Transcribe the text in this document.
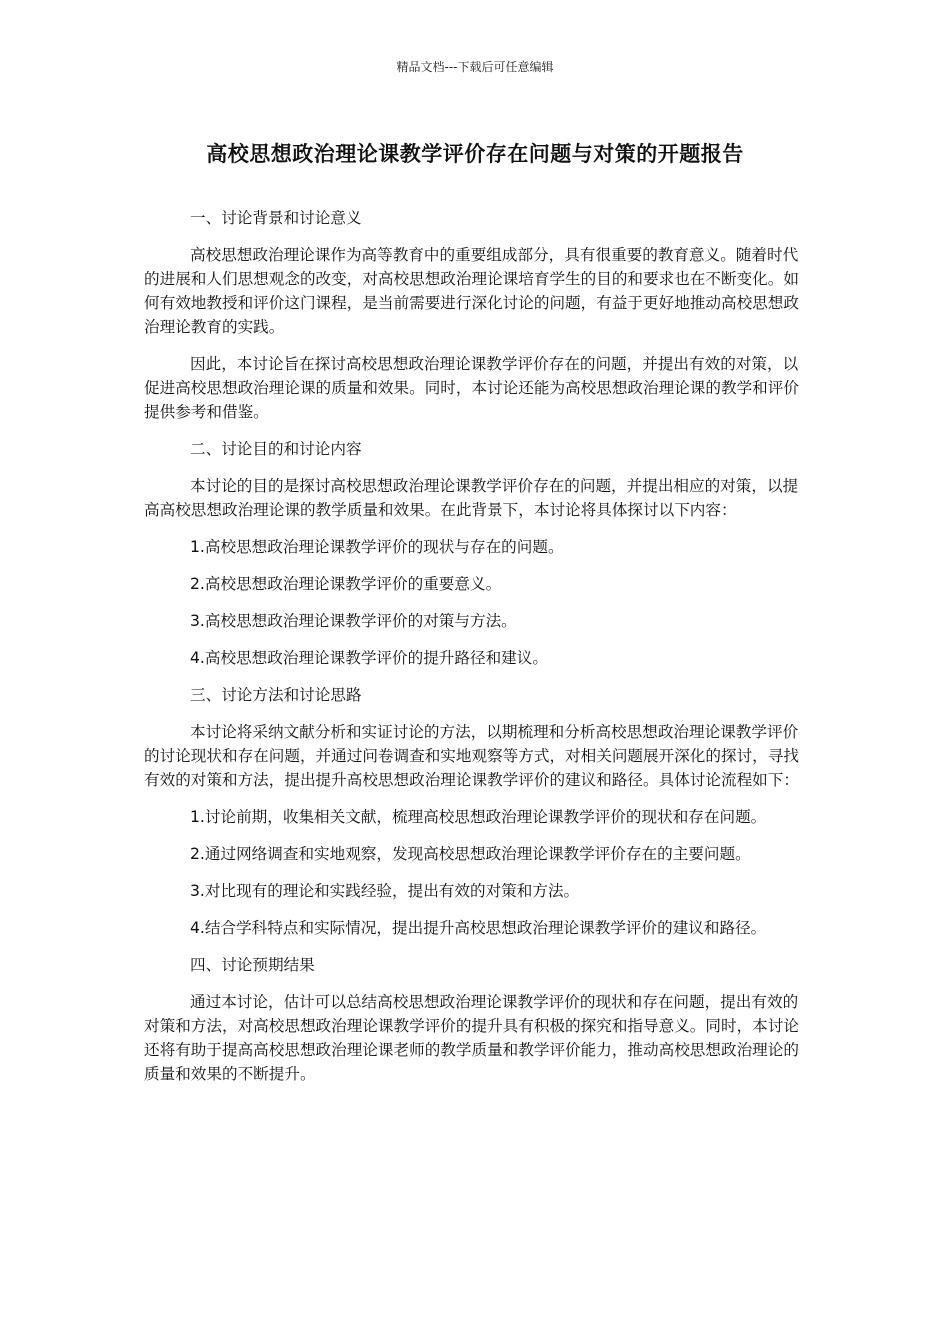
精品文档---下载后可任意编辑
高校思想政治理论课教学评价存在问题与对策的开题报告

一、讨论背景和讨论意义

高校思想政治理论课作为高等教育中的重要组成部分，具有很重要的教育意义。随着时代的进展和人们思想观念的改变，对高校思想政治理论课培育学生的目的和要求也在不断变化。如何有效地教授和评价这门课程，是当前需要进行深化讨论的问题，有益于更好地推动高校思想政治理论教育的实践。

因此，本讨论旨在探讨高校思想政治理论课教学评价存在的问题，并提出有效的对策，以促进高校思想政治理论课的质量和效果。同时，本讨论还能为高校思想政治理论课的教学和评价提供参考和借鉴。

二、讨论目的和讨论内容

本讨论的目的是探讨高校思想政治理论课教学评价存在的问题，并提出相应的对策，以提高高校思想政治理论课的教学质量和效果。在此背景下，本讨论将具体探讨以下内容：

1.高校思想政治理论课教学评价的现状与存在的问题。

2.高校思想政治理论课教学评价的重要意义。

3.高校思想政治理论课教学评价的对策与方法。

4.高校思想政治理论课教学评价的提升路径和建议。

三、讨论方法和讨论思路

本讨论将采纳文献分析和实证讨论的方法，以期梳理和分析高校思想政治理论课教学评价的讨论现状和存在问题，并通过问卷调查和实地观察等方式，对相关问题展开深化的探讨，寻找有效的对策和方法，提出提升高校思想政治理论课教学评价的建议和路径。具体讨论流程如下：

1.讨论前期，收集相关文献，梳理高校思想政治理论课教学评价的现状和存在问题。

2.通过网络调查和实地观察，发现高校思想政治理论课教学评价存在的主要问题。

3.对比现有的理论和实践经验，提出有效的对策和方法。

4.结合学科特点和实际情况，提出提升高校思想政治理论课教学评价的建议和路径。

四、讨论预期结果

通过本讨论，估计可以总结高校思想政治理论课教学评价的现状和存在问题，提出有效的对策和方法，对高校思想政治理论课教学评价的提升具有积极的探究和指导意义。同时，本讨论还将有助于提高高校思想政治理论课老师的教学质量和教学评价能力，推动高校思想政治理论的质量和效果的不断提升。
